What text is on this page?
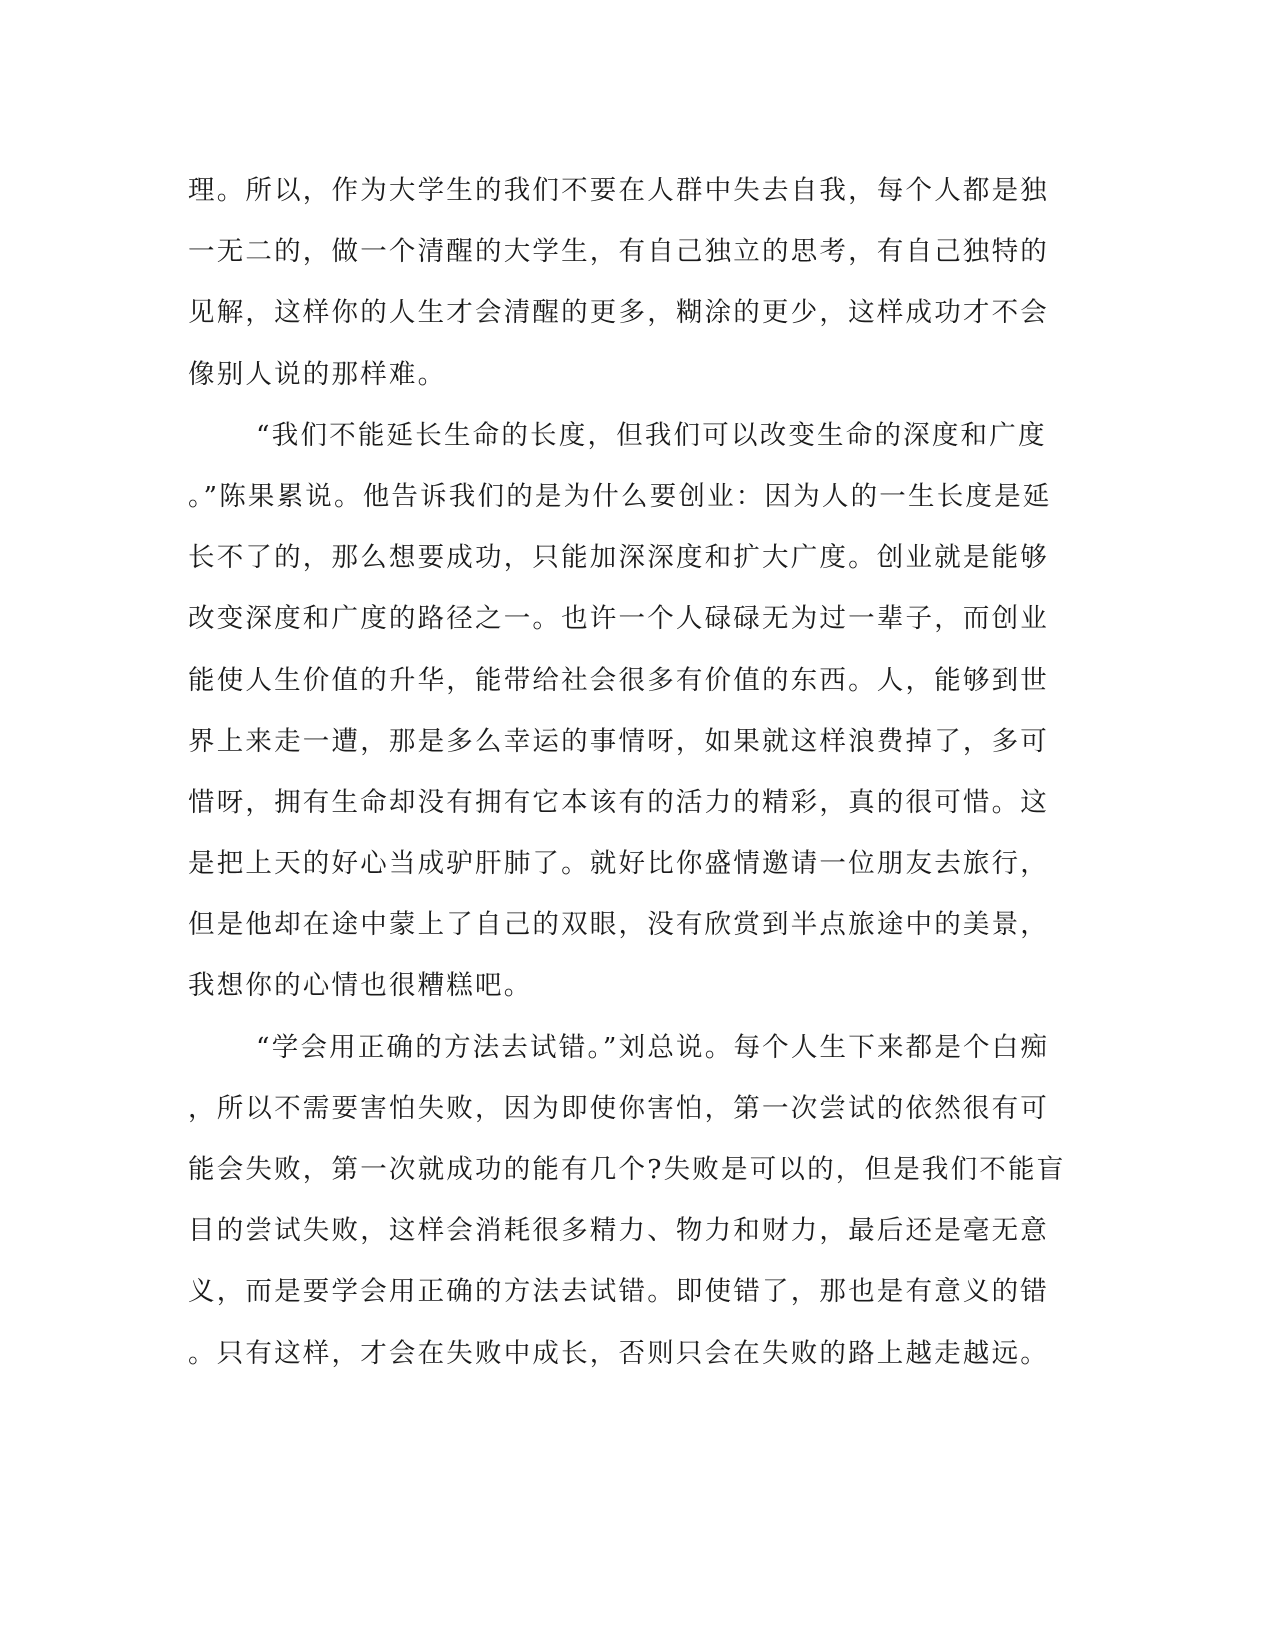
理。所以，作为大学生的我们不要在人群中失去自我，每个人都是独
一无二的，做一个清醒的大学生，有自己独立的思考，有自己独特的
见解，这样你的人生才会清醒的更多，糊涂的更少，这样成功才不会
像别人说的那样难。
“我们不能延长生命的长度，但我们可以改变生命的深度和广度
。”陈果累说。他告诉我们的是为什么要创业：因为人的一生长度是延
长不了的，那么想要成功，只能加深深度和扩大广度。创业就是能够
改变深度和广度的路径之一。也许一个人碌碌无为过一辈子，而创业
能使人生价值的升华，能带给社会很多有价值的东西。人，能够到世
界上来走一遭，那是多么幸运的事情呀，如果就这样浪费掉了，多可
惜呀，拥有生命却没有拥有它本该有的活力的精彩，真的很可惜。这
是把上天的好心当成驴肝肺了。就好比你盛情邀请一位朋友去旅行，
但是他却在途中蒙上了自己的双眼，没有欣赏到半点旅途中的美景，
我想你的心情也很糟糕吧。
“学会用正确的方法去试错。”刘总说。每个人生下来都是个白痴
，所以不需要害怕失败，因为即使你害怕，第一次尝试的依然很有可
能会失败，第一次就成功的能有几个?失败是可以的，但是我们不能盲
目的尝试失败，这样会消耗很多精力、物力和财力，最后还是毫无意
义，而是要学会用正确的方法去试错。即使错了，那也是有意义的错
。只有这样，才会在失败中成长，否则只会在失败的路上越走越远。
